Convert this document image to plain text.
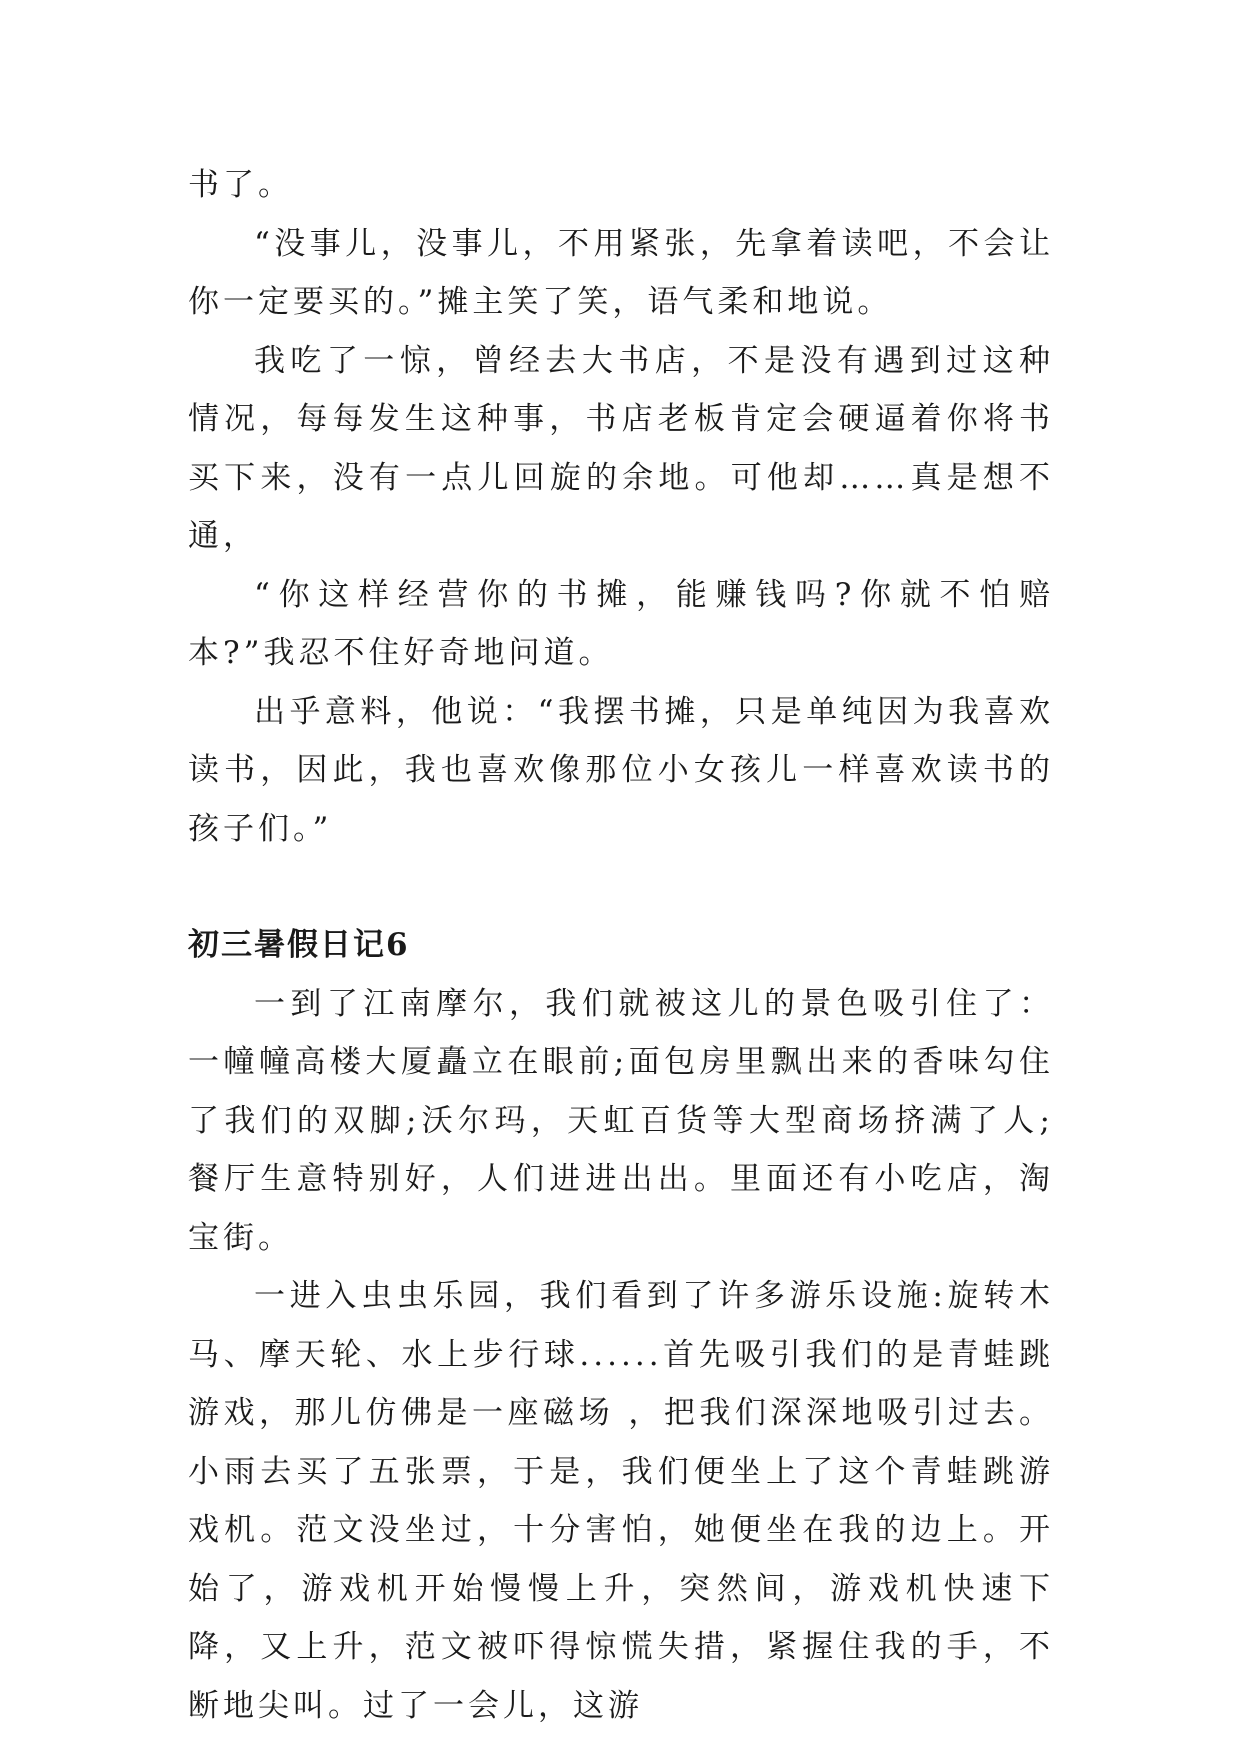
书了。

“没事儿，没事儿，不用紧张，先拿着读吧，不会让你一定要买的。”摊主笑了笑，语气柔和地说。

我吃了一惊，曾经去大书店，不是没有遇到过这种情况，每每发生这种事，书店老板肯定会硬逼着你将书买下来，没有一点儿回旋的余地。可他却……真是想不通，

“你这样经营你的书摊，能赚钱吗?你就不怕赔本?”我忍不住好奇地问道。

出乎意料，他说：“我摆书摊，只是单纯因为我喜欢读书，因此，我也喜欢像那位小女孩儿一样喜欢读书的孩子们。”

初三暑假日记6

一到了江南摩尔，我们就被这儿的景色吸引住了：一幢幢高楼大厦矗立在眼前;面包房里飘出来的香味勾住了我们的双脚;沃尔玛，天虹百货等大型商场挤满了人;餐厅生意特别好，人们进进出出。里面还有小吃店，淘宝街。

一进入虫虫乐园，我们看到了许多游乐设施:旋转木马、摩天轮、水上步行球......首先吸引我们的是青蛙跳游戏，那儿仿佛是一座磁场 ，把我们深深地吸引过去。小雨去买了五张票，于是，我们便坐上了这个青蛙跳游戏机。范文没坐过，十分害怕，她便坐在我的边上。开始了，游戏机开始慢慢上升，突然间，游戏机快速下降，又上升，范文被吓得惊慌失措，紧握住我的手，不断地尖叫。过了一会儿，这游
